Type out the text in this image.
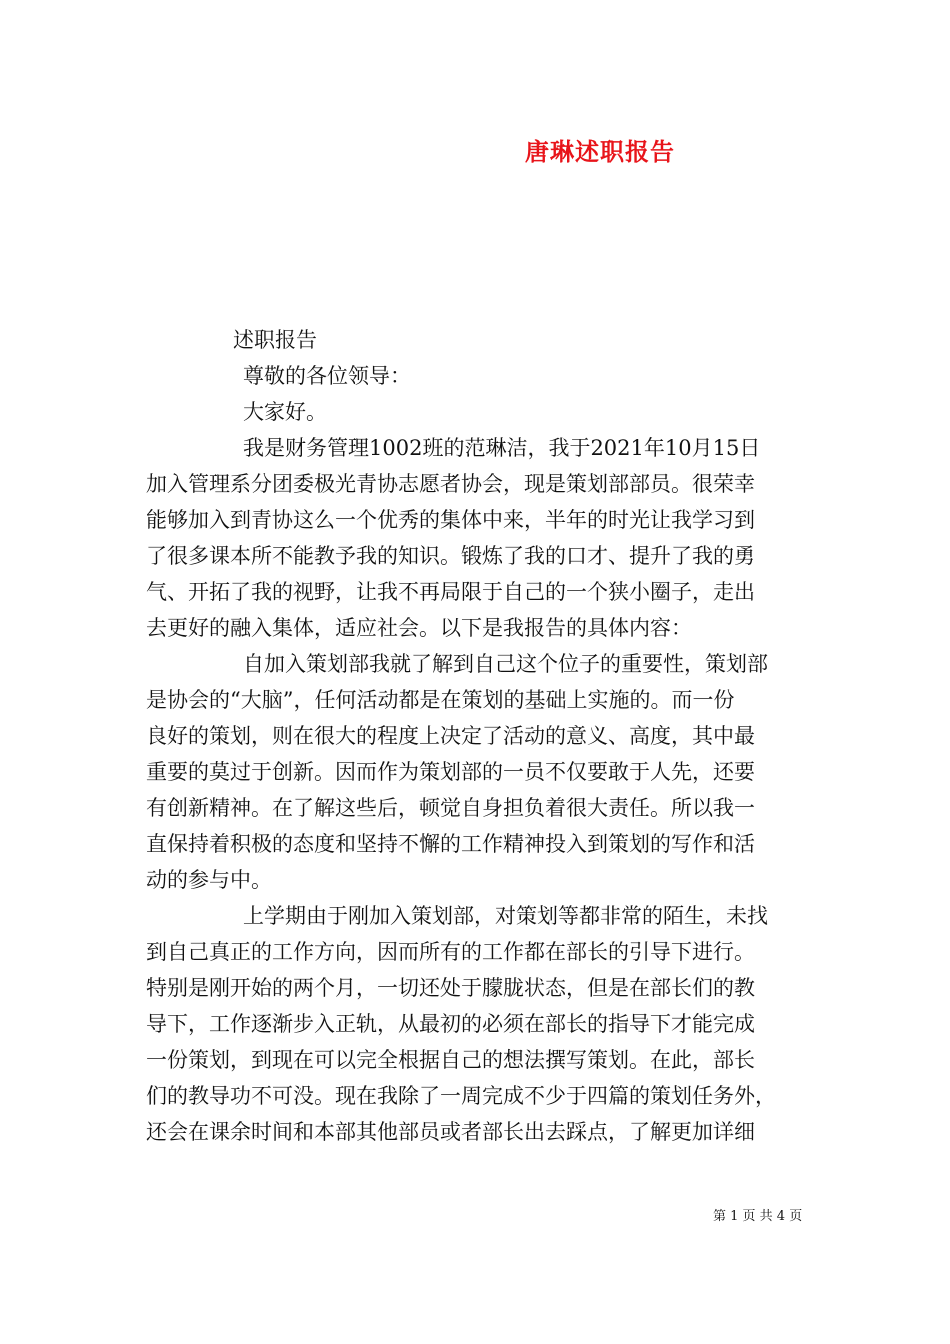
唐琳述职报告
述职报告
尊敬的各位领导：
大家好。
我是财务管理1002班的范琳洁，我于2021年10月15日
加入管理系分团委极光青协志愿者协会，现是策划部部员。很荣幸
能够加入到青协这么一个优秀的集体中来，半年的时光让我学习到
了很多课本所不能教予我的知识。锻炼了我的口才、提升了我的勇
气、开拓了我的视野，让我不再局限于自己的一个狭小圈子，走出
去更好的融入集体，适应社会。以下是我报告的具体内容：
自加入策划部我就了解到自己这个位子的重要性，策划部
是协会的“大脑”，任何活动都是在策划的基础上实施的。而一份
良好的策划，则在很大的程度上决定了活动的意义、高度，其中最
重要的莫过于创新。因而作为策划部的一员不仅要敢于人先，还要
有创新精神。在了解这些后，顿觉自身担负着很大责任。所以我一
直保持着积极的态度和坚持不懈的工作精神投入到策划的写作和活
动的参与中。
上学期由于刚加入策划部，对策划等都非常的陌生，未找
到自己真正的工作方向，因而所有的工作都在部长的引导下进行。
特别是刚开始的两个月，一切还处于朦胧状态，但是在部长们的教
导下，工作逐渐步入正轨，从最初的必须在部长的指导下才能完成
一份策划，到现在可以完全根据自己的想法撰写策划。在此，部长
们的教导功不可没。现在我除了一周完成不少于四篇的策划任务外，
还会在课余时间和本部其他部员或者部长出去踩点，了解更加详细
第 1 页 共 4 页
